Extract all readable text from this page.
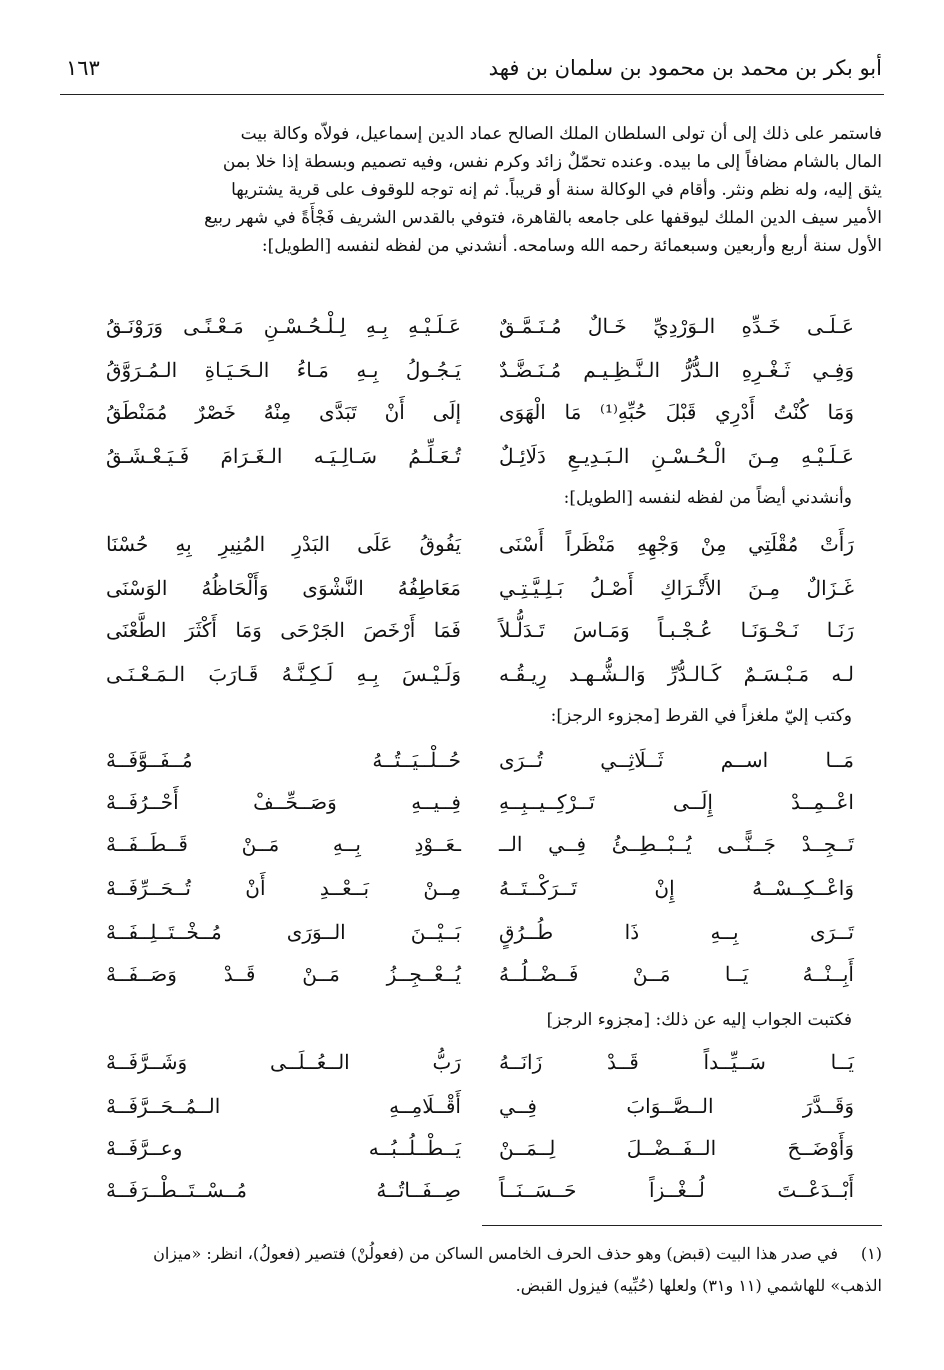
أبو بكر بن محمد بن محمود بن سلمان بن فهد
١٦٣

فاستمر على ذلك إلى أن تولى السلطان الملك الصالح عماد الدين إسماعيل، فولاّه وكالة بيت

المال بالشام مضافاً إلى ما بيده. وعنده تحمّلٌ زائد وكرم نفس، وفيه تصميم وبسطة إذا خلا بمن

يثق إليه، وله نظم ونثر. وأقام في الوكالة سنة أو قريباً. ثم إنه توجه للوقوف على قرية يشتريها

الأمير سيف الدين الملك ليوقفها على جامعه بالقاهرة، فتوفي بالقدس الشريف فَجْأَةً في شهر ربيع

الأول سنة أربع وأربعين وسبعمائة رحمه الله وسامحه. أنشدني من لفظه لنفسه [الطويل]:

عَـلَـى خَـدِّهِ الـوَرْدِيِّ خَـالٌ مُـنَـمَّـقٌ
عَـلَـيْـهِ بِـهِ لِـلْـحُـسْـنِ مَـعْـنًـى وَرَوْنَـقُ
وَفِـي ثَـغْـرِهِ الـدُّرُّ الـنَّـظِـيـم مُـنَـضَّـدٌ
يَـجُـولُ بِـهِ مَـاءُ الـحَـيَـاةِ الـمُـرَوَّقُ
وَمَا كُنْتُ أَدْرِي قَبْلَ حُبِّهِ⁽¹⁾ مَا الْهَوَى
إلَى أَنْ تَبَدَّى مِنْهُ خَصْرٌ مُمَنْطَقُ
عَـلَـيْـهِ مِـنَ الْـحُـسْـنِ الـبَـدِيـعِ دَلَائِـلٌ
تُـعَـلِّـمُ سَـالِـيَـه الـغَـرَامَ فَـيَـعْـشَـقُ
وأنشدني أيضاً من لفظه لنفسه [الطويل]:
رَأَتْ مُقْلَتِي مِنْ وَجْهِهِ مَنْظَراً أَسْنَى
يَفُوقُ عَلَى البَدْرِ المُنِيرِ بِهِ حُسْنَا
غَـزَالٌ مِـنَ الأَتْـرَاكِ أَصْـلُ بَـلِـيَّـتِـي
مَعَاطِفُهُ النَّشْوَى وَأَلْحَاظُهُ الوَسْنَى
رَنَـا نَـحْـوَنَـا عُـجْـبـاً وَمَـاسَ تَـدَلُّـلاً
فَمَا أَرْخَصَ الجَرْحَى وَمَا أَكْثَرَ الطَّعْنَى
لـه مَـبْـسَـمٌ كَـالـدُّرِّ وَالـشُّـهـد رِيـقُـه
وَلَـيْـسَ بِـهِ لَـكِـنَّـهُ قَـارَبَ الـمَـعْـنَـى
وكتب إليّ ملغزاً في القرط [مجزوء الرجز]:
مَــا اســم ثَــلَاثِــي تُــرَى
حُــلْــيَــتُــهُ مُــفَــوَّفَــهْ
اعْــمِــدْ إِلَــى تَــرْكِــيــبِــهِ
فِــيــهِ وَصَــحِّــفْ أَحْــرُفَــهْ
تَــجِــدْ جَــنًّــى يُــبْــطِــئُ فِــي الــ
ـعَــوْدِ بِــهِ مَــنْ قَــطَــفَــهْ
وَاعْــكِــسْــهُ إِنْ تَــرَكْــتَــهُ
مِــنْ بَــعْــدِ أَنْ تُــحَــرِّفَــهْ
تَــرَى بِــهِ ذَا طُــرُقٍ
بَــيْــنَ الــوَرَى مُــخْــتَــلِــفَــهْ
أَبِــنْــهُ يَــا مَــنْ فَــضْــلُــهُ
يُــعْــجِــزُ مَــنْ قَــدْ وَصَــفَــهْ
فكتبت الجواب إليه عن ذلك: [مجزوء الرجز]
يَــا سَــيِّــداً قَــدْ زَانَــهُ
رَبُّ الــعُــلَــى وَشَــرَّفَــهْ
وَقَــدَّرَ الــصَّــوَابَ فِــي
أَقْــلَامِــهِ الــمُــحَــرَّفَــهْ
وَأَوْضَــحَ الــفَــضْــلَ لِــمَــنْ
يَــطْــلُــبُــه وعــرَّفَــهْ
أَبْــدَعْــتَ لُــغْــزاً حَــسَــنَــاً
صِــفَــاتُــهُ مُــسْــتَــطْــرَفَــهْ
(١)في صدر هذا البيت (قبض) وهو حذف الحرف الخامس الساكن من (فعولُنْ) فتصير (فعولُ)، انظر: «ميزان
الذهب» للهاشمي (١١ و٣١) ولعلها (حُبِّيه) فيزول القبض.
